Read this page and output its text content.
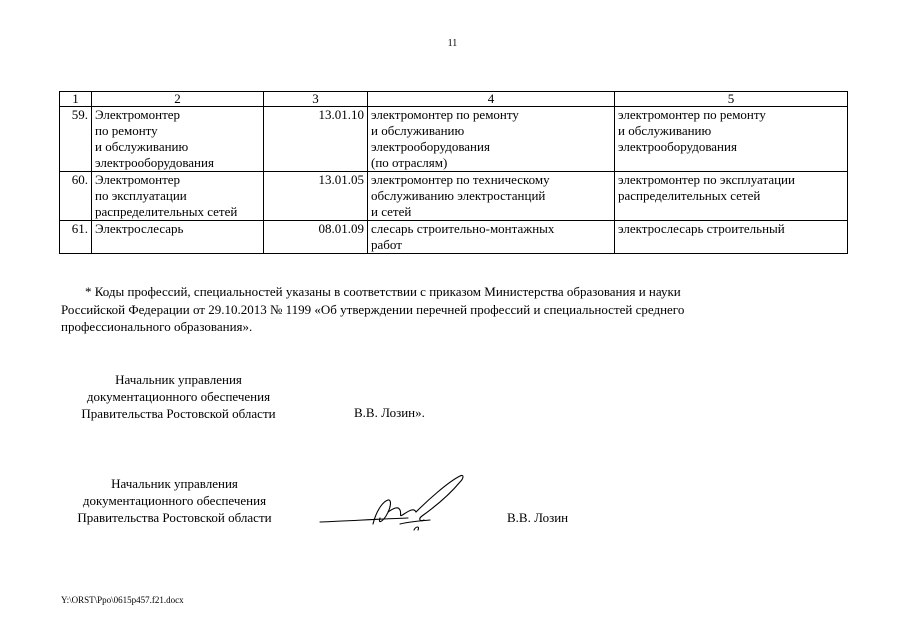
11
1	2	3	4	5
59.	Электромонтер
по ремонту
и обслуживанию
электрооборудования	13.01.10	электромонтер по ремонту
и обслуживанию
электрооборудования
(по отраслям)	электромонтер по ремонту
и обслуживанию
электрооборудования

60.	Электромонтер
по эксплуатации
распределительных сетей	13.01.05	электромонтер по техническому
обслуживанию электростанций
и сетей	электромонтер по эксплуатации
распределительных сетей

61.	Электрослесарь	08.01.09	слесарь строительно-монтажных
работ	электрослесарь строительный
* Коды профессий, специальностей указаны в соответствии с приказом Министерства образования и науки
Российской Федерации от 29.10.2013 № 1199 «Об утверждении перечней профессий и специальностей среднего
профессионального образования».
Начальник управления
документационного обеспечения
Правительства Ростовской области	В.В. Лозин».
Начальник управления
документационного обеспечения
Правительства Ростовской области	В.В. Лозин
Y:\ORST\Ppo\0615p457.f21.docx
